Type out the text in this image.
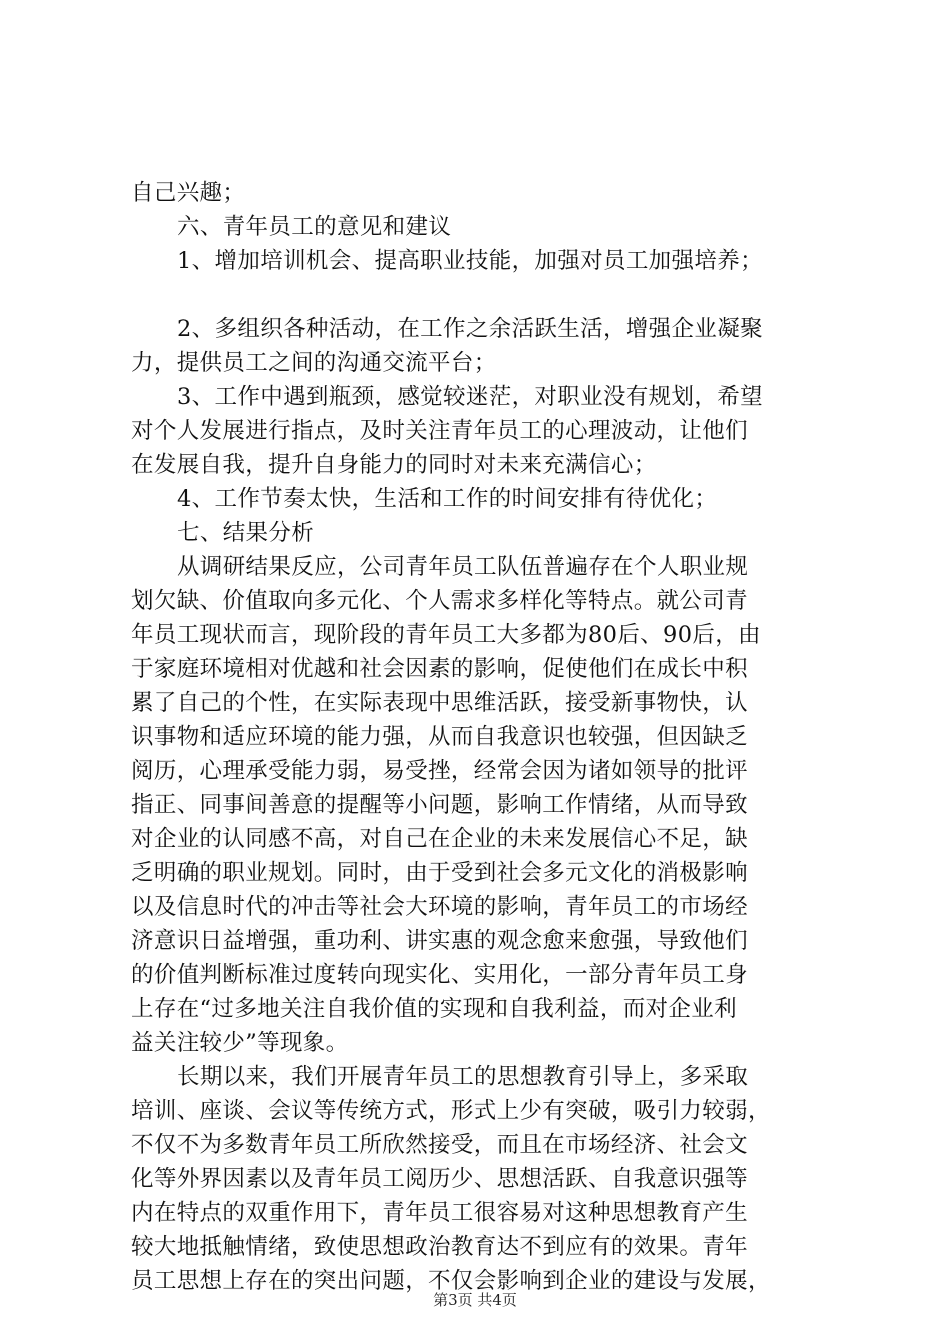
自己兴趣；
六、青年员工的意见和建议
1、增加培训机会、提高职业技能，加强对员工加强培养；
2、多组织各种活动，在工作之余活跃生活，增强企业凝聚
力，提供员工之间的沟通交流平台；
3、工作中遇到瓶颈，感觉较迷茫，对职业没有规划，希望
对个人发展进行指点，及时关注青年员工的心理波动，让他们
在发展自我，提升自身能力的同时对未来充满信心；
4、工作节奏太快，生活和工作的时间安排有待优化；
七、结果分析
从调研结果反应，公司青年员工队伍普遍存在个人职业规
划欠缺、价值取向多元化、个人需求多样化等特点。就公司青
年员工现状而言，现阶段的青年员工大多都为80后、90后，由
于家庭环境相对优越和社会因素的影响，促使他们在成长中积
累了自己的个性，在实际表现中思维活跃，接受新事物快，认
识事物和适应环境的能力强，从而自我意识也较强，但因缺乏
阅历，心理承受能力弱，易受挫，经常会因为诸如领导的批评
指正、同事间善意的提醒等小问题，影响工作情绪，从而导致
对企业的认同感不高，对自己在企业的未来发展信心不足，缺
乏明确的职业规划。同时，由于受到社会多元文化的消极影响
以及信息时代的冲击等社会大环境的影响，青年员工的市场经
济意识日益增强，重功利、讲实惠的观念愈来愈强，导致他们
的价值判断标准过度转向现实化、实用化，一部分青年员工身
上存在“过多地关注自我价值的实现和自我利益，而对企业利
益关注较少”等现象。
长期以来，我们开展青年员工的思想教育引导上，多采取
培训、座谈、会议等传统方式，形式上少有突破，吸引力较弱，
不仅不为多数青年员工所欣然接受，而且在市场经济、社会文
化等外界因素以及青年员工阅历少、思想活跃、自我意识强等
内在特点的双重作用下，青年员工很容易对这种思想教育产生
较大地抵触情绪，致使思想政治教育达不到应有的效果。青年
员工思想上存在的突出问题，不仅会影响到企业的建设与发展，
第3页 共4页
